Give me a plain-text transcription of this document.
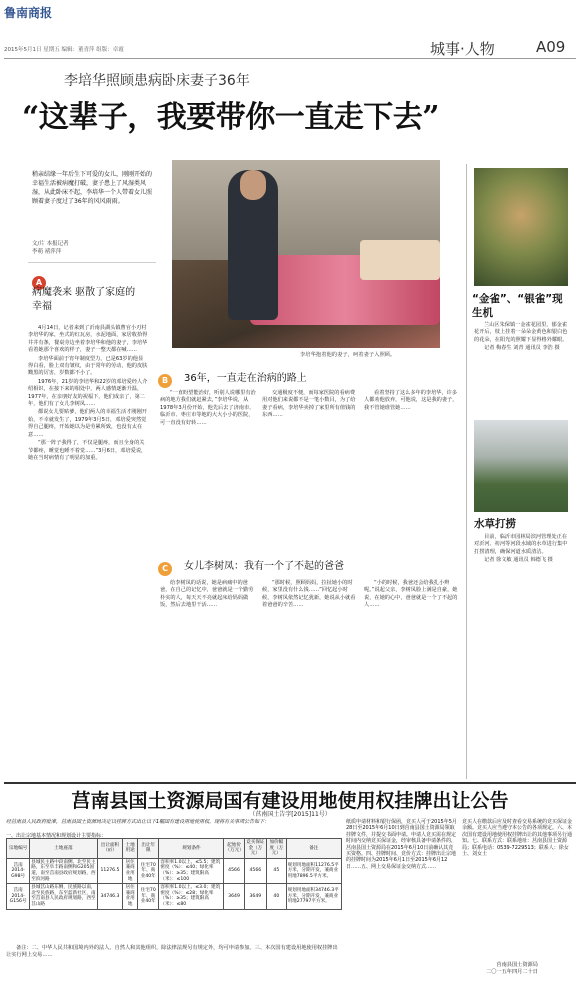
鲁南商报
2015年5月1日 星期五 编辑：董青萍 组版：卓霞	城事·人物	A09
李培华照顾患病卧床妻子36年
“这辈子，我要带你一直走下去”
稍亲结缘一年后生下可爱的女儿，刚刚开始的幸福生活被病魔打破，妻子患上了风湿类风湿，从此卧床不起，李培华一个人带着女儿照顾着妻子度过了36年的风风雨雨。
文/片 本报记者
李萌 褚萍萍
A
病魔袭来 驱散了家庭的幸福

4月14日，记者来到了沂南县湖头镇曹官小刃村李培华的家，坐式的红瓦房，水泥地面，家居收拾得井井有条，餐桌旁边坐着李培华和他的妻子，李培华看着她那个喜欢的样子，妻子一整天都在喊……

李培华面前于宵年制度型力，已是63岁的他显得白看，脸上双有皱纹，由于常年的劳动，他的皮肤黝黑的厉害，岁数都不小了。

1976年，21岁的李培华和22岁的邓培爱经人介绍相识，在接下来的相处中，两人感情逐渐升温，1977年，在亲朋好友的祝福下，他们成亲了，第二年，他们有了女儿李树凤……

都说女儿要贴爹，他们两人的幸福生活才刚刚开始，不幸就发生了，1979年3月5日，邓培爱突然觉得自己腿疼，开始她以为是劳累所致，也没有太在意……

“那一阵子我得了，不仅是腿疼，而且全身的关节都疼，睡觉也睡不着觉……”3月6日，邓培爱说，她在当时病情有了明显的加重。

李培华抱着他的妻子，呵着妻子入照顾。
B	36年，一直走在治病的路上

“一直盼望能治好，听别人说哪里有治病的地方我们就赶紧去，”李培华说，从1978年3月份开始，他先后去了济南市、临沂市、枣庄市等地的大大小小的医院，可一直没有好转……

交通极度不便，而每家医院的看病费用对他们来说都不是一笔小数目，为了给妻子看病，李培华卖掉了家里所有值钱的东西……

看着坚持了这么多年的李培华，许多人都劝他放弃，可他说，这是我的妻子，我不管她谁管她……

C	女儿李树凤：我有一个了不起的爸爸

给李树凤的话说，她是病痛中的爸爸，在自己的记忆中，爸爸就是一个勤劳朴实的人，每天天不亮就起床给妈妈做饭，然后去地里干活……

“那时候，照顾妈妈，拉扯她小的时候，家里没有什么钱……”回忆起小时候，李树凤依然记忆犹新，她说从小就看着爸爸的辛苦……

“小的时候，我爸还会给我扎小辫呢。”说起父亲，李树凤脸上满是自豪，她说，在她的心中，爸爸就是一个了不起的人……

“金雀”、“银雀”现生机

兰山区朱保镇一金雀花园里，郁金雀花开后，枝上挂着一朵朵金黄色和银白色的花朵，在阳光的照耀下显得格外耀眼。

记者 梅春生 刘青 通讯员 李浩 摄

水草打捞

目前，临沂市园林局滨河管理处正在对沂河、祊河等河段水域的水草进行集中打捞清理，确保河道水质清洁。

记者 徐文敏 通讯员 韩德飞 摄

莒南县国土资源局国有建设用地使用权挂牌出让公告
（莒南国土告字[2015]11号）
经莒南县人民政府批准，莒南县国土资源局决定以挂牌方式出让以下1幅国有建设用地使用权。现将有关事项公告如下：
一、出让宗地基本情况和规划设计主要指标：
宗地编号	土地座落	出让面积（㎡）	土地用途	出让年限	规划条件	起始价（万元）	竞买保证金（万元）	加价幅度（万元）	备注
莒南2014-G98号	县城民主路中段南侧、北至民主路，东至阜丰路南侧和G205国道，南至莒南县政府规划路，西至滨河路	11276.5	居住兼商业用地	住宅70年、商业40年	容积率1.0以上、≤5.5；建筑密度（%）：≤40；绿化率（%）：≥35；建筑限高（米）：≤100	4566	4566	45	规划用地面积11276.5平方米，分期开发，兼商业用地7896.5平方米。
莒南2014-G156号	县城莒山路东侧，民族路以南，北至民族路，东至蓝新社区，南至莒南县人民政府规划路，西至莒山路	34746.3	居住兼商业用地	住宅70年、商业40年	容积率1.0以上、≤3.0；建筑密度（%）：≤28；绿化率（%）：≥35；建筑限高（米）：≤80	3649	3649	40	规划用地面积34746.3平方米，分期开发，兼商业用地27797平方米。

备注：二、中华人民共和国境内外的法人、自然人和其他组织，除法律法规另有规定外，均可申请参加。三、本次国有建设用地使用权挂牌出让实行网上交易……

纸质申请材料和银行保函，竞买人可于2015年5月28日至2015年6月10日到莒南县国土资源局领取挂牌文件，并提交书面申请。申请人竞买需在规定时间内交纳竞买保证金，经审核具备申请条件的，莒南县国土资源局在2015年6月10日前确认其竞买资格。四、挂牌时间、竞价方式：挂牌出让宗地的挂牌时间为2015年6月1日至2015年6月12日……五、网上交易保证金交纳方式……
竞买人在缴款后应及时查看交易系统的竞买保证金余额。竞买人应当遵守本公告的各项规定。六、本次国有建设用地使用权挂牌出让的其他事项另行通知。七、联系方式：联系地址：莒南县国土资源局；联系电话：0539-7229513；联系人：徐女士、刘女士
莒南县国土资源局
二〇一五年四月二十日
